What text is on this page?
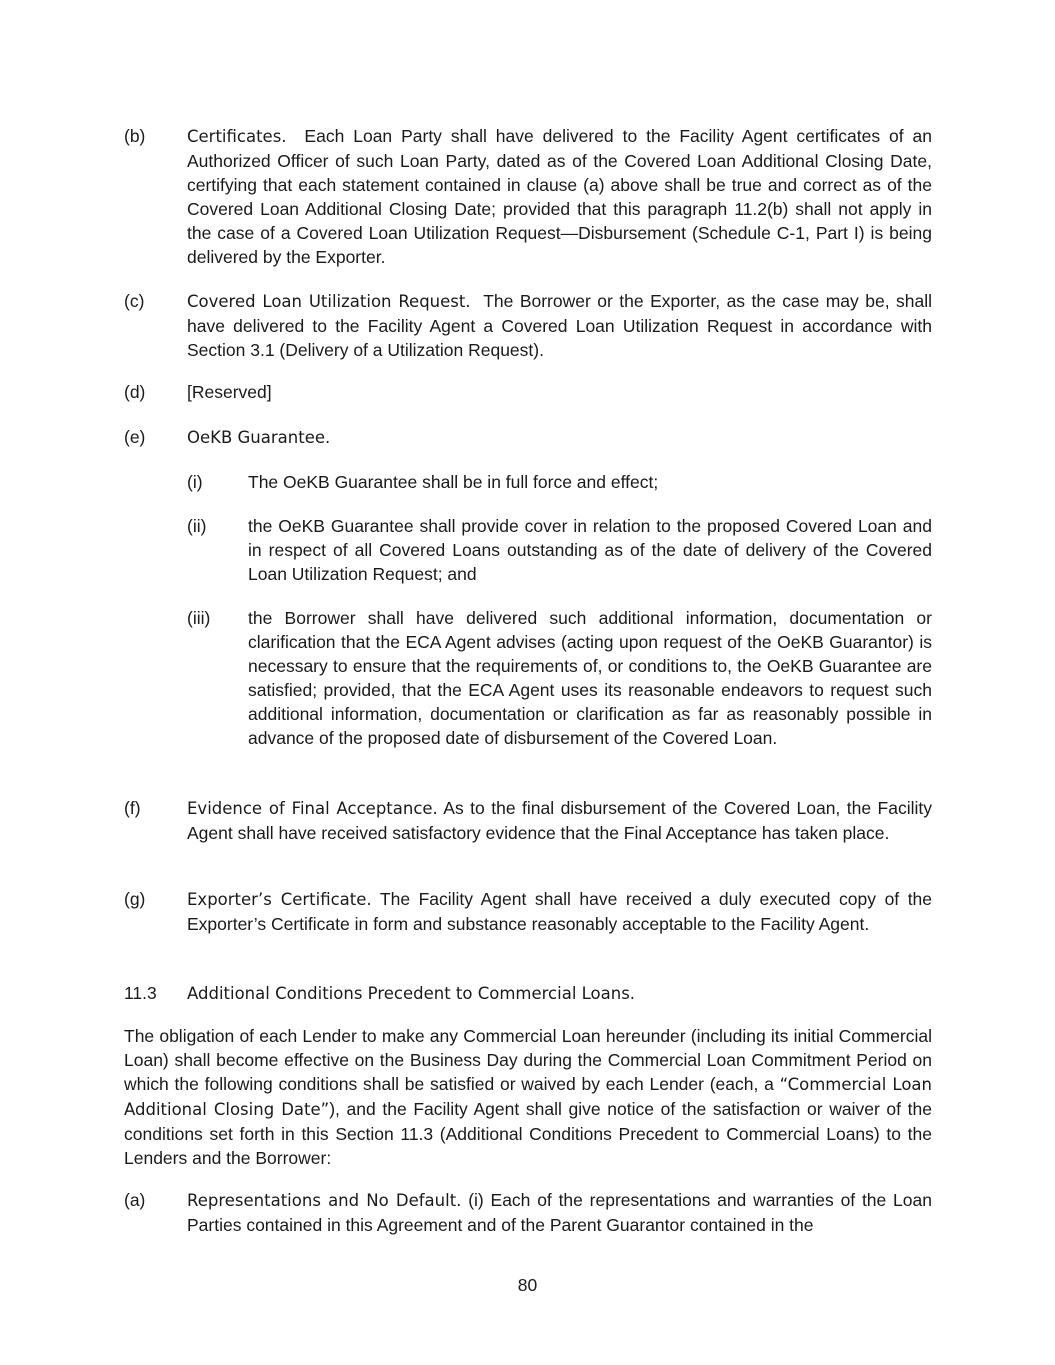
(b)	Certificates. Each Loan Party shall have delivered to the Facility Agent certificates of an Authorized Officer of such Loan Party, dated as of the Covered Loan Additional Closing Date, certifying that each statement contained in clause (a) above shall be true and correct as of the Covered Loan Additional Closing Date; provided that this paragraph 11.2(b) shall not apply in the case of a Covered Loan Utilization Request—Disbursement (Schedule C-1, Part I) is being delivered by the Exporter.
(c)	Covered Loan Utilization Request. The Borrower or the Exporter, as the case may be, shall have delivered to the Facility Agent a Covered Loan Utilization Request in accordance with Section 3.1 (Delivery of a Utilization Request).
(d) [Reserved]
(e)	OeKB Guarantee.
(i)	The OeKB Guarantee shall be in full force and effect;
(ii) the OeKB Guarantee shall provide cover in relation to the proposed Covered Loan and in respect of all Covered Loans outstanding as of the date of delivery of the Covered Loan Utilization Request; and
(iii) the Borrower shall have delivered such additional information, documentation or clarification that the ECA Agent advises (acting upon request of the OeKB Guarantor) is necessary to ensure that the requirements of, or conditions to, the OeKB Guarantee are satisfied; provided, that the ECA Agent uses its reasonable endeavors to request such additional information, documentation or clarification as far as reasonably possible in advance of the proposed date of disbursement of the Covered Loan.
(f)	Evidence of Final Acceptance. As to the final disbursement of the Covered Loan, the Facility Agent shall have received satisfactory evidence that the Final Acceptance has taken place.
(g)	Exporter’s Certificate. The Facility Agent shall have received a duly executed copy of the Exporter’s Certificate in form and substance reasonably acceptable to the Facility Agent.
11.3 Additional Conditions Precedent to Commercial Loans.
The obligation of each Lender to make any Commercial Loan hereunder (including its initial Commercial Loan) shall become effective on the Business Day during the Commercial Loan Commitment Period on which the following conditions shall be satisfied or waived by each Lender (each, a “Commercial Loan Additional Closing Date”), and the Facility Agent shall give notice of the satisfaction or waiver of the conditions set forth in this Section 11.3 (Additional Conditions Precedent to Commercial Loans) to the Lenders and the Borrower:
(a)	Representations and No Default. (i) Each of the representations and warranties of the Loan Parties contained in this Agreement and of the Parent Guarantor contained in the
80
